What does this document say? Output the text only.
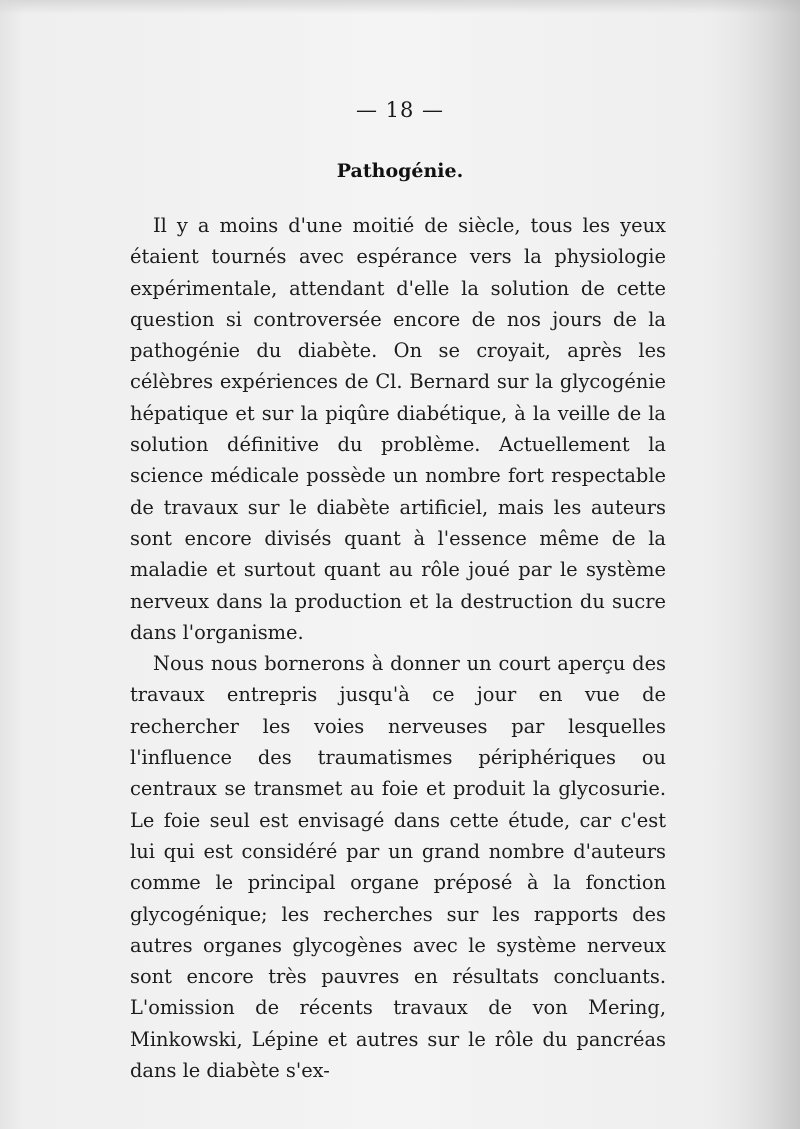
— 18 —
Pathogénie.

Il y a moins d'une moitié de siècle, tous les yeux étaient tournés avec espérance vers la physiologie expérimentale, attendant d'elle la solution de cette question si controversée encore de nos jours de la pathogénie du diabète. On se croyait, après les célèbres expériences de Cl. Bernard sur la glycogénie hépatique et sur la piqûre diabétique, à la veille de la solution définitive du problème. Actuellement la science médicale possède un nombre fort respectable de travaux sur le diabète artificiel, mais les auteurs sont encore divisés quant à l'essence même de la maladie et surtout quant au rôle joué par le système nerveux dans la production et la destruction du sucre dans l'organisme.

Nous nous bornerons à donner un court aperçu des travaux entrepris jusqu'à ce jour en vue de rechercher les voies nerveuses par lesquelles l'influence des traumatismes périphériques ou centraux se transmet au foie et produit la glycosurie. Le foie seul est envisagé dans cette étude, car c'est lui qui est considéré par un grand nombre d'auteurs comme le principal organe préposé à la fonction glycogénique; les recherches sur les rapports des autres organes glycogènes avec le système nerveux sont encore très pauvres en résultats concluants. L'omission de récents travaux de von Mering, Minkowski, Lépine et autres sur le rôle du pancréas dans le diabète s'ex-
